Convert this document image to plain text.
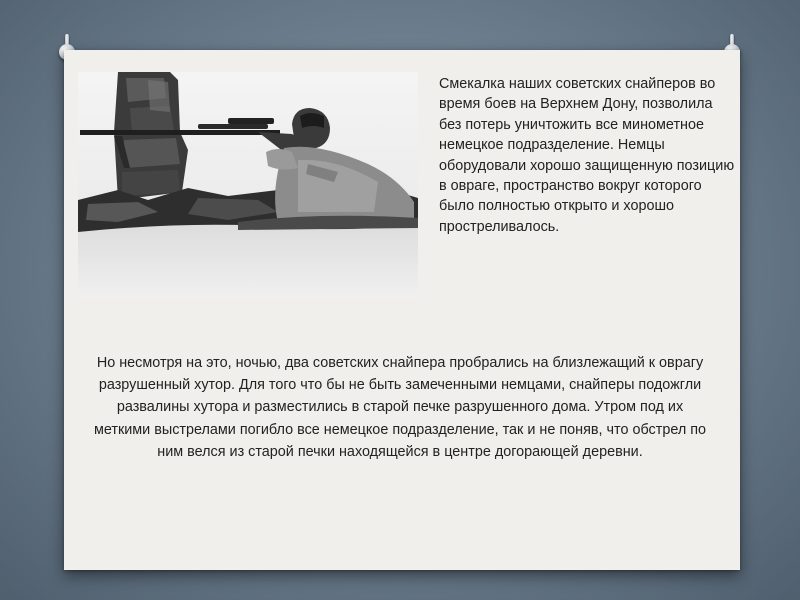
Смекалка наших советских снайперов во время боев на Верхнем Дону, позволила без потерь уничтожить все минометное немецкое подразделение. Немцы оборудовали хорошо защищенную позицию в овраге, пространство вокруг которого было полностью открыто и хорошо простреливалось.
Но несмотря на это, ночью, два советских снайпера пробрались на близлежащий к оврагу разрушенный хутор. Для того что бы не быть замеченными немцами, снайперы подожгли развалины хутора и разместились в старой печке разрушенного дома. Утром под их меткими выстрелами погибло все немецкое подразделение, так и не поняв, что обстрел по ним велся из старой печки находящейся в центре догорающей деревни.
